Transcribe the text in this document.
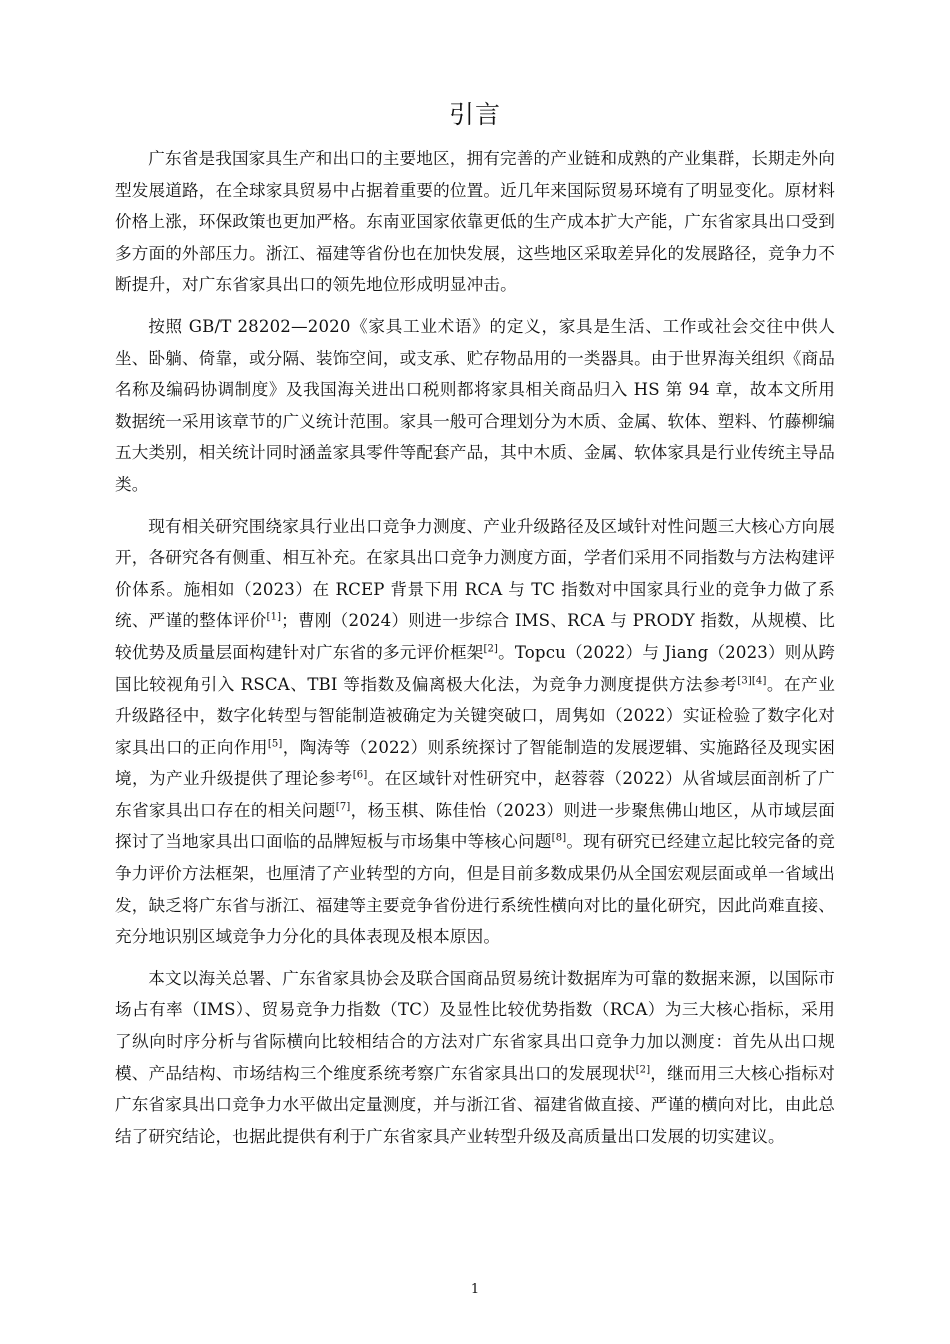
引言

广东省是我国家具生产和出口的主要地区，拥有完善的产业链和成熟的产业集群，长期走外向型发展道路，在全球家具贸易中占据着重要的位置。近几年来国际贸易环境有了明显变化。原材料价格上涨，环保政策也更加严格。东南亚国家依靠更低的生产成本扩大产能，广东省家具出口受到多方面的外部压力。浙江、福建等省份也在加快发展，这些地区采取差异化的发展路径，竞争力不断提升，对广东省家具出口的领先地位形成明显冲击。

按照 GB/T 28202—2020《家具工业术语》的定义，家具是生活、工作或社会交往中供人坐、卧躺、倚靠，或分隔、装饰空间，或支承、贮存物品用的一类器具。由于世界海关组织《商品名称及编码协调制度》及我国海关进出口税则都将家具相关商品归入 HS 第 94 章，故本文所用数据统一采用该章节的广义统计范围。家具一般可合理划分为木质、金属、软体、塑料、竹藤柳编五大类别，相关统计同时涵盖家具零件等配套产品，其中木质、金属、软体家具是行业传统主导品类。

现有相关研究围绕家具行业出口竞争力测度、产业升级路径及区域针对性问题三大核心方向展开，各研究各有侧重、相互补充。在家具出口竞争力测度方面，学者们采用不同指数与方法构建评价体系。施相如（2023）在 RCEP 背景下用 RCA 与 TC 指数对中国家具行业的竞争力做了系统、严谨的整体评价[1]；曹刚（2024）则进一步综合 IMS、RCA 与 PRODY 指数，从规模、比较优势及质量层面构建针对广东省的多元评价框架[2]。Topcu（2022）与 Jiang（2023）则从跨国比较视角引入 RSCA、TBI 等指数及偏离极大化法，为竞争力测度提供方法参考[3][4]。在产业升级路径中，数字化转型与智能制造被确定为关键突破口，周隽如（2022）实证检验了数字化对家具出口的正向作用[5]，陶涛等（2022）则系统探讨了智能制造的发展逻辑、实施路径及现实困境，为产业升级提供了理论参考[6]。在区域针对性研究中，赵蓉蓉（2022）从省域层面剖析了广东省家具出口存在的相关问题[7]，杨玉棋、陈佳怡（2023）则进一步聚焦佛山地区，从市域层面探讨了当地家具出口面临的品牌短板与市场集中等核心问题[8]。现有研究已经建立起比较完备的竞争力评价方法框架，也厘清了产业转型的方向，但是目前多数成果仍从全国宏观层面或单一省域出发，缺乏将广东省与浙江、福建等主要竞争省份进行系统性横向对比的量化研究，因此尚难直接、充分地识别区域竞争力分化的具体表现及根本原因。

本文以海关总署、广东省家具协会及联合国商品贸易统计数据库为可靠的数据来源，以国际市场占有率（IMS）、贸易竞争力指数（TC）及显性比较优势指数（RCA）为三大核心指标，采用了纵向时序分析与省际横向比较相结合的方法对广东省家具出口竞争力加以测度：首先从出口规模、产品结构、市场结构三个维度系统考察广东省家具出口的发展现状[2]，继而用三大核心指标对广东省家具出口竞争力水平做出定量测度，并与浙江省、福建省做直接、严谨的横向对比，由此总结了研究结论，也据此提供有利于广东省家具产业转型升级及高质量出口发展的切实建议。

1
